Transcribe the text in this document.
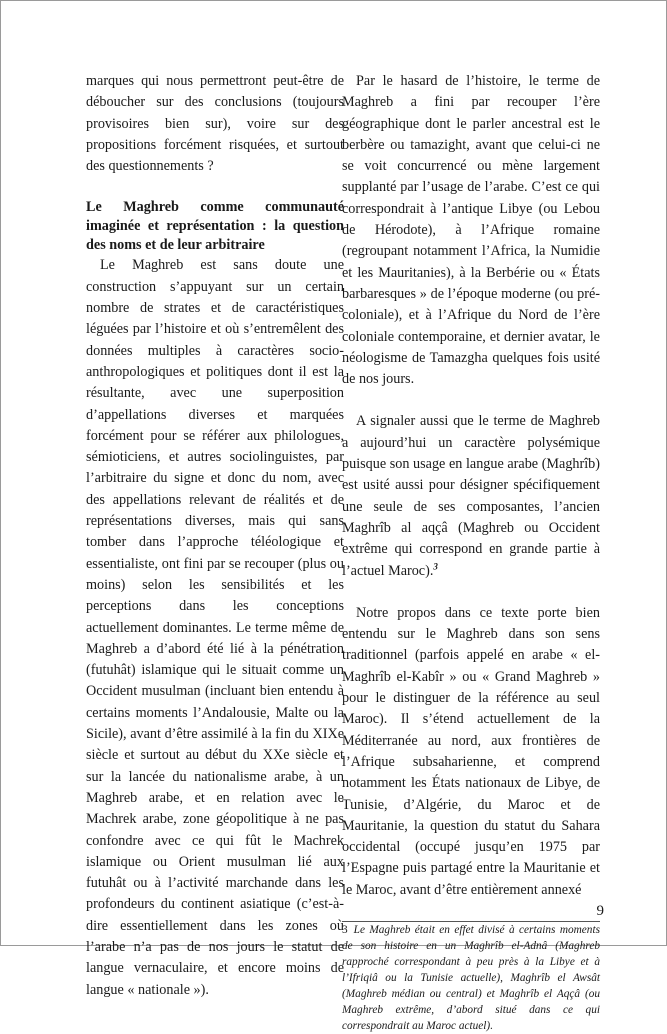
marques qui nous permettront peut-être de déboucher sur des conclusions (toujours provisoires bien sur), voire sur des propositions forcément risquées, et surtout des questionnements ?

Le Maghreb comme communauté imaginée et représentation : la question des noms et de leur arbitraire

Le Maghreb est sans doute une construction s’appuyant sur un certain nombre de strates et de caractéristiques léguées par l’histoire et où s’entremêlent des données multiples à caractères socio-anthropologiques et politiques dont il est la résultante, avec une superposition d’appellations diverses et marquées forcément pour se référer aux philologues, sémioticiens, et autres sociolinguistes, par l’arbitraire du signe et donc du nom, avec des appellations relevant de réalités et de représentations diverses, mais qui sans tomber dans l’approche téléologique et essentialiste, ont fini par se recouper (plus ou moins) selon les sensibilités et les perceptions dans les conceptions actuellement dominantes. Le terme même de Maghreb a d’abord été lié à la pénétration (futuhât) islamique qui le situait comme un Occident musulman (incluant bien entendu à certains moments l’Andalousie, Malte ou la Sicile), avant d’être assimilé à la fin du XIXe siècle et surtout au début du XXe siècle et sur la lancée du nationalisme arabe, à un Maghreb arabe, et en relation avec le Machrek arabe, zone géopolitique à ne pas confondre avec ce qui fût le Machrek islamique ou Orient musulman lié aux futuhât ou à l’activité marchande dans les profondeurs du continent asiatique (c’est-à-dire essentiellement dans les zones où l’arabe n’a pas de nos jours le statut de langue vernaculaire, et encore moins de langue « nationale »).

Par le hasard de l’histoire, le terme de Maghreb a fini par recouper l’ère géographique dont le parler ancestral est le berbère ou tamazight, avant que celui-ci ne se voit concurrencé ou mène largement supplanté par l’usage de l’arabe. C’est ce qui correspondrait à l’antique Libye (ou Lebou de Hérodote), à l’Afrique romaine (regroupant notamment l’Africa, la Numidie et les Mauritanies), à la Berbérie ou « États barbaresques » de l’époque moderne (ou pré-coloniale), et à l’Afrique du Nord de l’ère coloniale contemporaine, et dernier avatar, le néologisme de Tamazgha quelques fois usité de nos jours.

A signaler aussi que le terme de Maghreb a aujourd’hui un caractère polysémique puisque son usage en langue arabe (Maghrîb) est usité aussi pour désigner spécifiquement une seule de ses composantes, l’ancien Maghrîb al aqçâ (Maghreb ou Occident extrême qui correspond en grande partie à l’actuel Maroc).$^3$

Notre propos dans ce texte porte bien entendu sur le Maghreb dans son sens traditionnel (parfois appelé en arabe « el-Maghrîb el-Kabîr » ou « Grand Maghreb » pour le distinguer de la référence au seul Maroc). Il s’étend actuellement de la Méditerranée au nord, aux frontières de l’Afrique subsaharienne, et comprend notamment les États nationaux de Libye, de Tunisie, d’Algérie, du Maroc et de Mauritanie, la question du statut du Sahara occidental (occupé jusqu’en 1975 par l’Espagne puis partagé entre la Mauritanie et le Maroc, avant d’être entièrement annexé

3 Le Maghreb était en effet divisé à certains moments de son histoire en un Maghrîb el-Adnâ (Maghreb rapproché correspondant à peu près à la Libye et à l’Ifriqiâ ou la Tunisie actuelle), Maghrîb el Awsât (Maghreb médian ou central) et Maghrîb el Aqçâ (ou Maghreb extrême, d’abord situé dans ce qui correspondrait au Maroc actuel).

9
